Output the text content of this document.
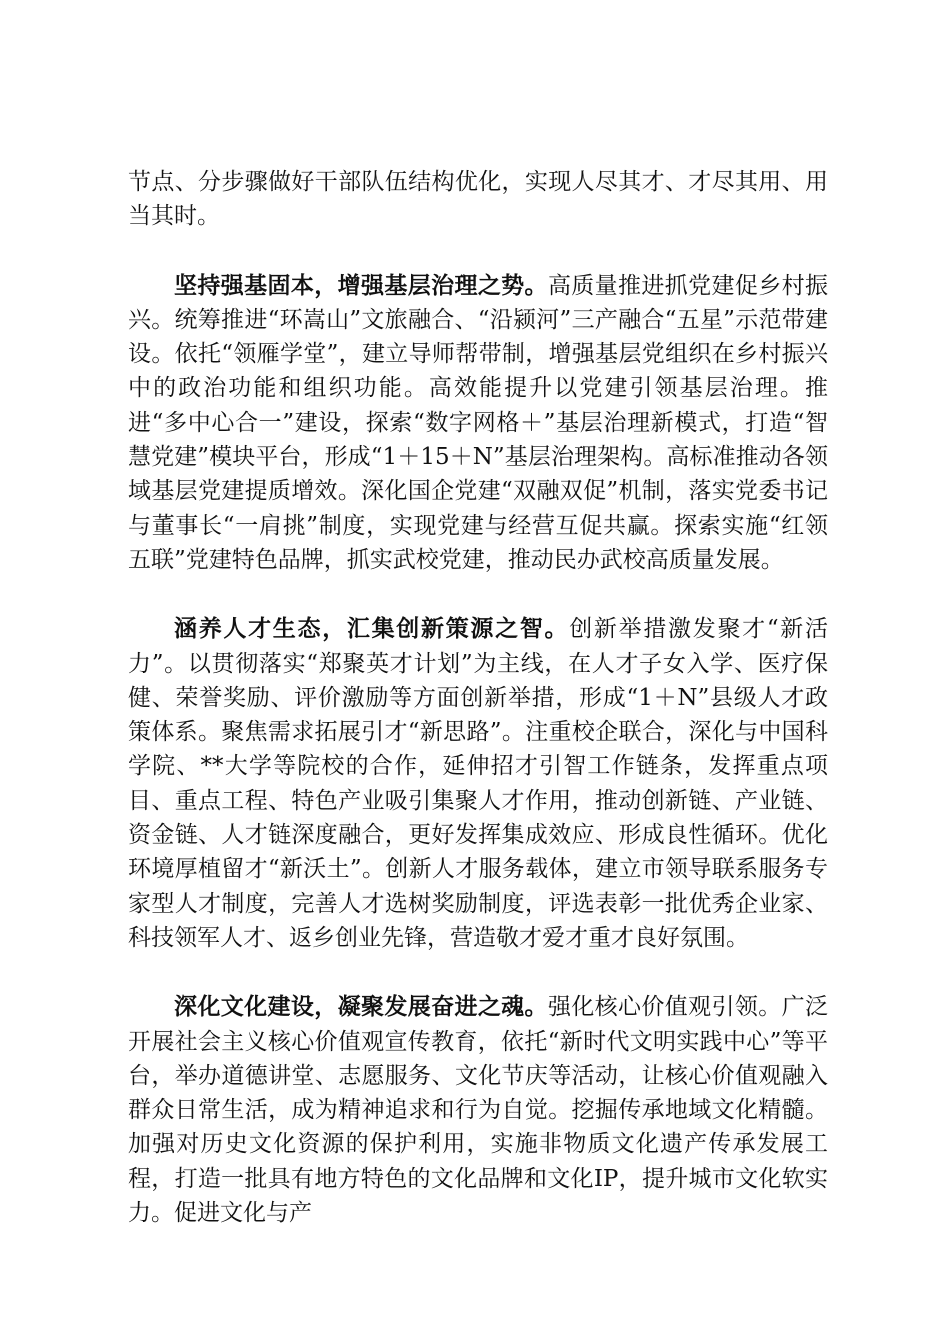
节点、分步骤做好干部队伍结构优化，实现人尽其才、才尽其用、用当其时。

坚持强基固本，增强基层治理之势。高质量推进抓党建促乡村振兴。统筹推进“环嵩山”文旅融合、“沿颍河”三产融合“五星”示范带建设。依托“领雁学堂”，建立导师帮带制，增强基层党组织在乡村振兴中的政治功能和组织功能。高效能提升以党建引领基层治理。推进“多中心合一”建设，探索“数字网格＋”基层治理新模式，打造“智慧党建”模块平台，形成“1＋15＋N”基层治理架构。高标准推动各领域基层党建提质增效。深化国企党建“双融双促”机制，落实党委书记与董事长“一肩挑”制度，实现党建与经营互促共赢。探索实施“红领五联”党建特色品牌，抓实武校党建，推动民办武校高质量发展。

涵养人才生态，汇集创新策源之智。创新举措激发聚才“新活力”。以贯彻落实“郑聚英才计划”为主线，在人才子女入学、医疗保健、荣誉奖励、评价激励等方面创新举措，形成“1＋N”县级人才政策体系。聚焦需求拓展引才“新思路”。注重校企联合，深化与中国科学院、**大学等院校的合作，延伸招才引智工作链条，发挥重点项目、重点工程、特色产业吸引集聚人才作用，推动创新链、产业链、资金链、人才链深度融合，更好发挥集成效应、形成良性循环。优化环境厚植留才“新沃土”。创新人才服务载体，建立市领导联系服务专家型人才制度，完善人才选树奖励制度，评选表彰一批优秀企业家、科技领军人才、返乡创业先锋，营造敬才爱才重才良好氛围。

深化文化建设，凝聚发展奋进之魂。强化核心价值观引领。广泛开展社会主义核心价值观宣传教育，依托“新时代文明实践中心”等平台，举办道德讲堂、志愿服务、文化节庆等活动，让核心价值观融入群众日常生活，成为精神追求和行为自觉。挖掘传承地域文化精髓。加强对历史文化资源的保护利用，实施非物质文化遗产传承发展工程，打造一批具有地方特色的文化品牌和文化IP，提升城市文化软实力。促进文化与产
